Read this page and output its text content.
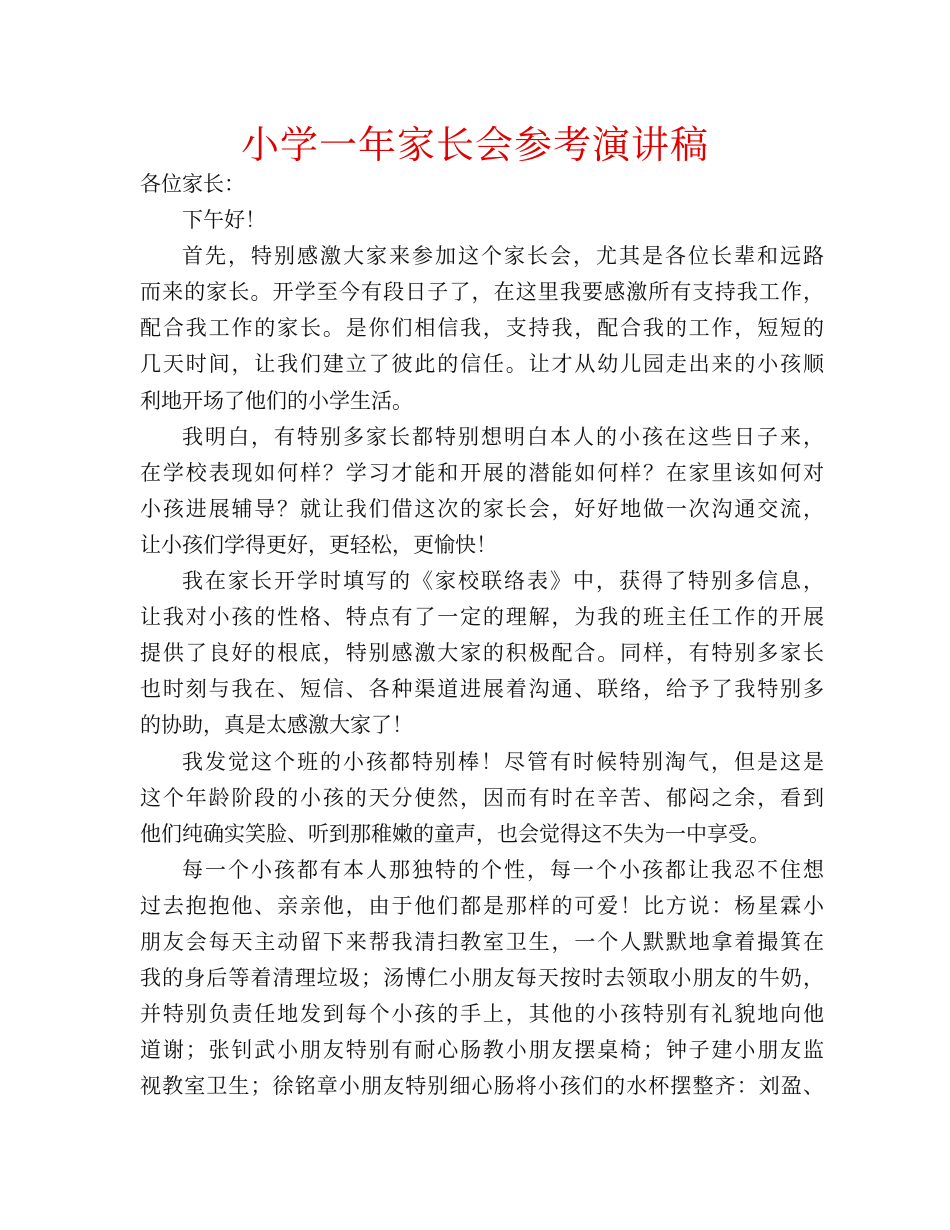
小学一年家长会参考演讲稿
各位家长：
下午好！
首先，特别感激大家来参加这个家长会，尤其是各位长辈和远路
而来的家长。开学至今有段日子了，在这里我要感激所有支持我工作，
配合我工作的家长。是你们相信我，支持我，配合我的工作，短短的
几天时间，让我们建立了彼此的信任。让才从幼儿园走出来的小孩顺
利地开场了他们的小学生活。
我明白，有特别多家长都特别想明白本人的小孩在这些日子来，
在学校表现如何样？学习才能和开展的潜能如何样？在家里该如何对
小孩进展辅导？就让我们借这次的家长会，好好地做一次沟通交流，
让小孩们学得更好，更轻松，更愉快！
我在家长开学时填写的《家校联络表》中，获得了特别多信息，
让我对小孩的性格、特点有了一定的理解，为我的班主任工作的开展
提供了良好的根底，特别感激大家的积极配合。同样，有特别多家长
也时刻与我在、短信、各种渠道进展着沟通、联络，给予了我特别多
的协助，真是太感激大家了！
我发觉这个班的小孩都特别棒！尽管有时候特别淘气，但是这是
这个年龄阶段的小孩的天分使然，因而有时在辛苦、郁闷之余，看到
他们纯确实笑脸、听到那稚嫩的童声，也会觉得这不失为一中享受。
每一个小孩都有本人那独特的个性，每一个小孩都让我忍不住想
过去抱抱他、亲亲他，由于他们都是那样的可爱！比方说：杨星霖小
朋友会每天主动留下来帮我清扫教室卫生，一个人默默地拿着撮箕在
我的身后等着清理垃圾；汤博仁小朋友每天按时去领取小朋友的牛奶，
并特别负责任地发到每个小孩的手上，其他的小孩特别有礼貌地向他
道谢；张钊武小朋友特别有耐心肠教小朋友摆桌椅；钟子建小朋友监
视教室卫生；徐铭章小朋友特别细心肠将小孩们的水杯摆整齐：刘盈、
